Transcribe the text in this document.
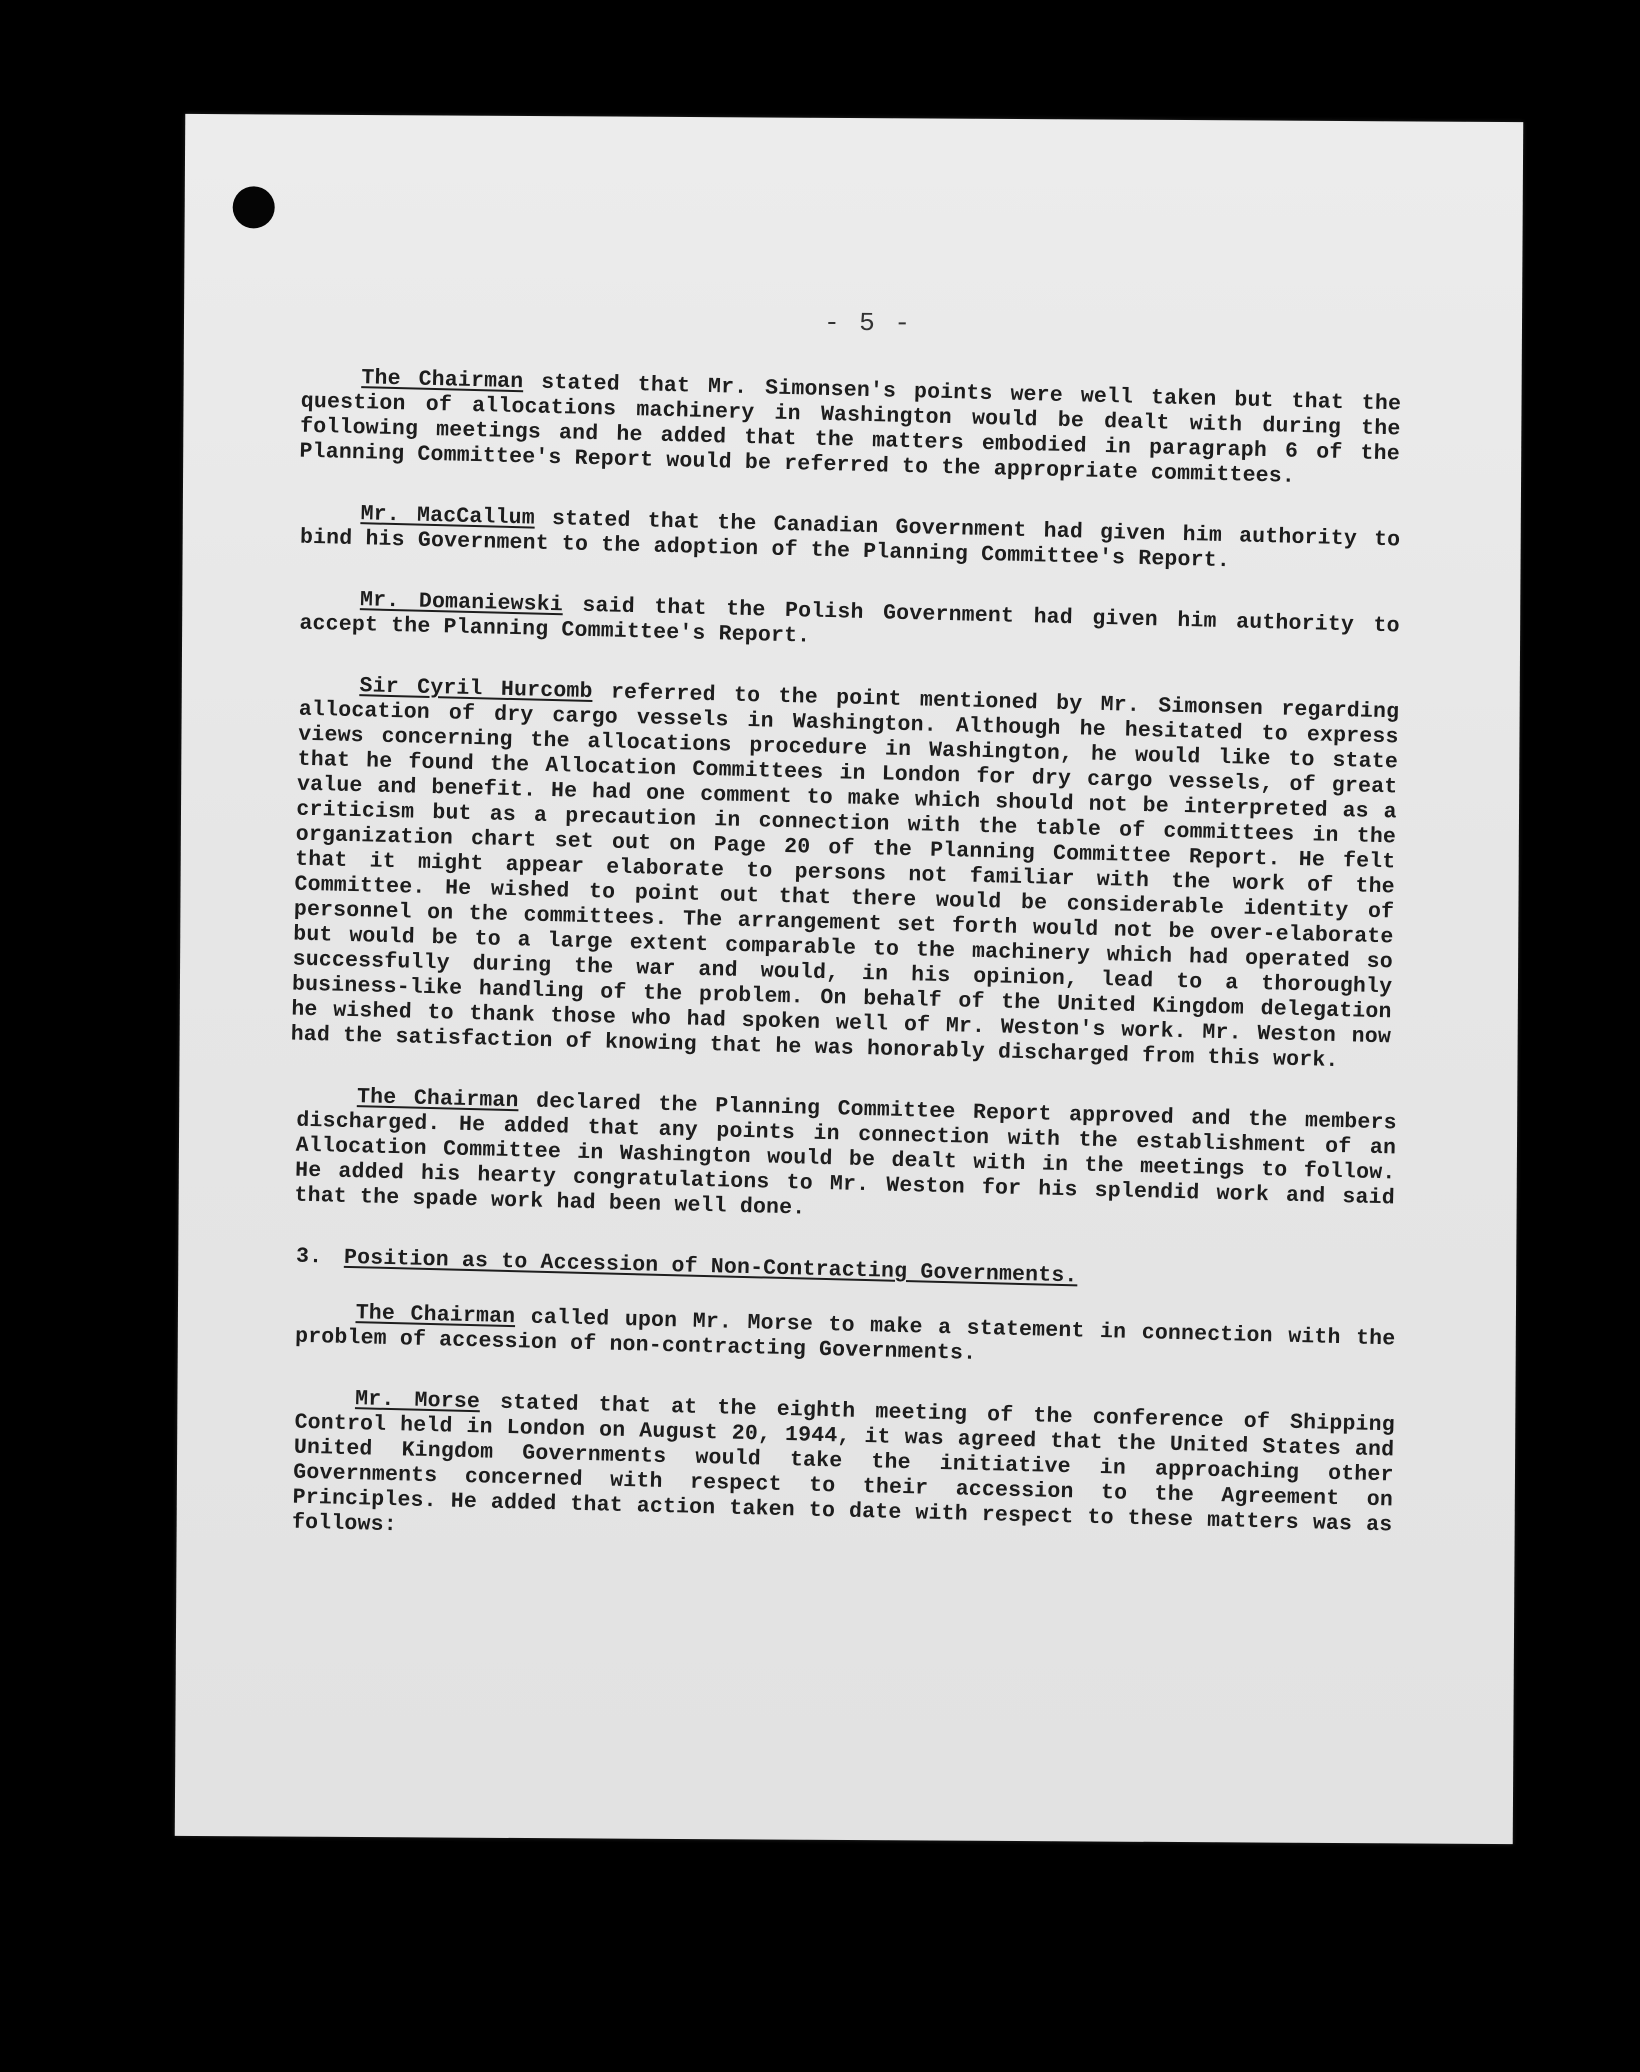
- 5 -

The Chairman stated that Mr. Simonsen's points were well taken but that the question of allocations machinery in Washington would be dealt with during the following meetings and he added that the matters embodied in paragraph 6 of the Planning Committee's Report would be referred to the appropriate committees.

Mr. MacCallum stated that the Canadian Government had given him authority to bind his Government to the adoption of the Planning Committee's Report.

Mr. Domaniewski said that the Polish Government had given him authority to accept the Planning Committee's Report.

Sir Cyril Hurcomb referred to the point mentioned by Mr. Simonsen regarding allocation of dry cargo vessels in Washington. Although he hesitated to express views concerning the allocations procedure in Washington, he would like to state that he found the Allocation Committees in London for dry cargo vessels, of great value and benefit. He had one comment to make which should not be interpreted as a criticism but as a precaution in connection with the table of committees in the organization chart set out on Page 20 of the Planning Committee Report. He felt that it might appear elaborate to persons not familiar with the work of the Committee. He wished to point out that there would be considerable identity of personnel on the committees. The arrangement set forth would not be over-elaborate but would be to a large extent comparable to the machinery which had operated so successfully during the war and would, in his opinion, lead to a thoroughly business-like handling of the problem. On behalf of the United Kingdom delegation he wished to thank those who had spoken well of Mr. Weston's work. Mr. Weston now had the satisfaction of knowing that he was honorably discharged from this work.

The Chairman declared the Planning Committee Report approved and the members discharged. He added that any points in connection with the establishment of an Allocation Committee in Washington would be dealt with in the meetings to follow. He added his hearty congratulations to Mr. Weston for his splendid work and said that the spade work had been well done.

3. Position as to Accession of Non-Contracting Governments.

The Chairman called upon Mr. Morse to make a statement in connection with the problem of accession of non-contracting Governments.

Mr. Morse stated that at the eighth meeting of the conference of Shipping Control held in London on August 20, 1944, it was agreed that the United States and United Kingdom Governments would take the initiative in approaching other Governments concerned with respect to their accession to the Agreement on Principles. He added that action taken to date with respect to these matters was as follows:
